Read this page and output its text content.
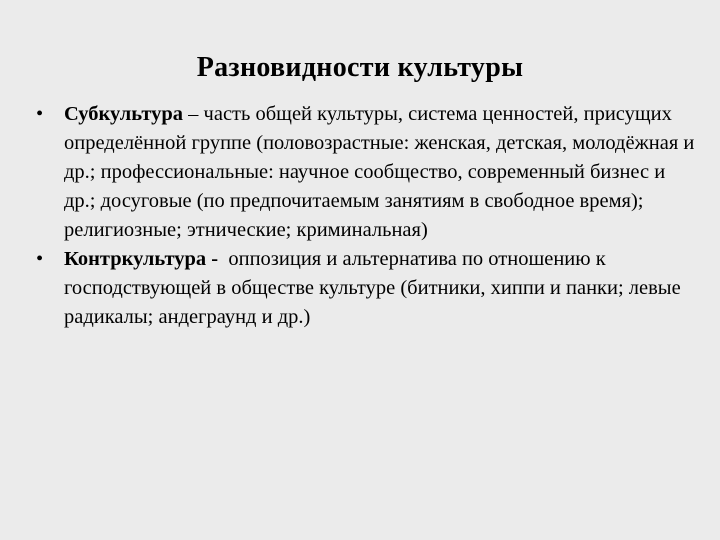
Разновидности культуры
•	Субкультура – часть общей культуры, система ценностей, присущих определённой группе (половозрастные: женская, детская, молодёжная и др.; профессиональные: научное сообщество, современный бизнес и др.; досуговые (по предпочитаемым занятиям в свободное время); религиозные; этнические; криминальная)
•	Контркультура -  оппозиция и альтернатива по отношению к господствующей в обществе культуре (битники, хиппи и панки; левые радикалы; андеграунд и др.)
